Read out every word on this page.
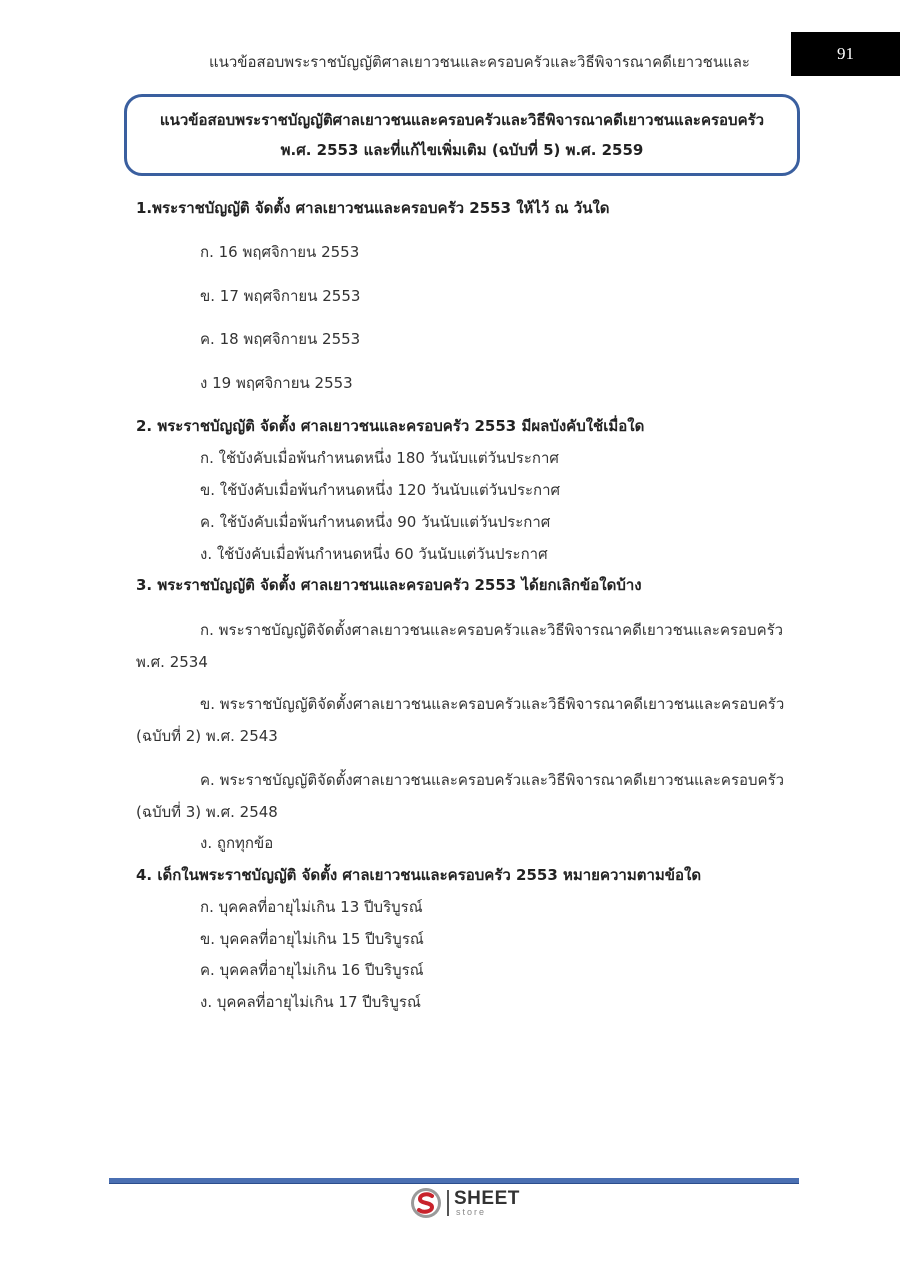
แนวข้อสอบพระราชบัญญัติศาลเยาวชนและครอบครัวและวิธีพิจารณาคดีเยาวชนและ	91
แนวข้อสอบพระราชบัญญัติศาลเยาวชนและครอบครัวและวิธีพิจารณาคดีเยาวชนและครอบครัว
พ.ศ. 2553 และที่แก้ไขเพิ่มเติม (ฉบับที่ 5) พ.ศ. 2559
1.พระราชบัญญัติ จัดตั้ง ศาลเยาวชนและครอบครัว 2553 ให้ไว้ ณ วันใด
ก. 16 พฤศจิกายน 2553
ข. 17 พฤศจิกายน 2553
ค. 18 พฤศจิกายน 2553
ง 19 พฤศจิกายน 2553
2. พระราชบัญญัติ จัดตั้ง ศาลเยาวชนและครอบครัว 2553 มีผลบังคับใช้เมื่อใด
ก. ใช้บังคับเมื่อพ้นกำหนดหนึ่ง 180 วันนับแต่วันประกาศ
ข. ใช้บังคับเมื่อพ้นกำหนดหนึ่ง 120 วันนับแต่วันประกาศ
ค. ใช้บังคับเมื่อพ้นกำหนดหนึ่ง 90 วันนับแต่วันประกาศ
ง. ใช้บังคับเมื่อพ้นกำหนดหนึ่ง 60 วันนับแต่วันประกาศ
3. พระราชบัญญัติ จัดตั้ง ศาลเยาวชนและครอบครัว 2553 ได้ยกเลิกข้อใดบ้าง
ก. พระราชบัญญัติจัดตั้งศาลเยาวชนและครอบครัวและวิธีพิจารณาคดีเยาวชนและครอบครัว
พ.ศ. 2534
ข. พระราชบัญญัติจัดตั้งศาลเยาวชนและครอบครัวและวิธีพิจารณาคดีเยาวชนและครอบครัว
(ฉบับที่ 2) พ.ศ. 2543
ค. พระราชบัญญัติจัดตั้งศาลเยาวชนและครอบครัวและวิธีพิจารณาคดีเยาวชนและครอบครัว
(ฉบับที่ 3) พ.ศ. 2548
ง. ถูกทุกข้อ
4. เด็กในพระราชบัญญัติ จัดตั้ง ศาลเยาวชนและครอบครัว 2553 หมายความตามข้อใด
ก. บุคคลที่อายุไม่เกิน 13 ปีบริบูรณ์
ข. บุคคลที่อายุไม่เกิน 15 ปีบริบูรณ์
ค. บุคคลที่อายุไม่เกิน 16 ปีบริบูรณ์
ง. บุคคลที่อายุไม่เกิน 17 ปีบริบูรณ์
SHEET
store
